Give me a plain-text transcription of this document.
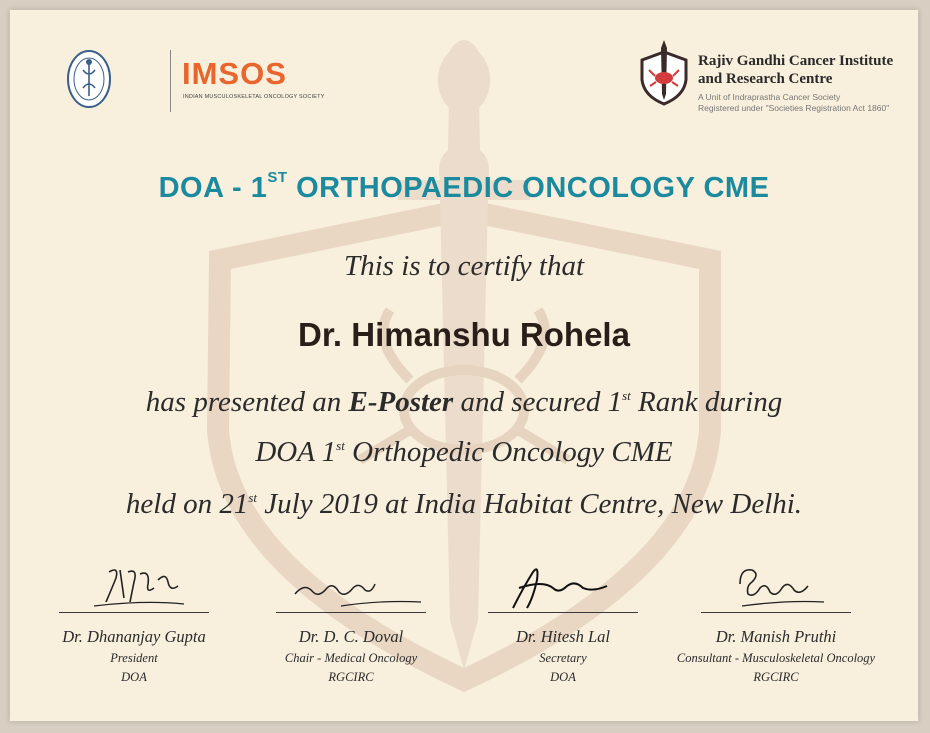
IMSOS
INDIAN MUSCULOSKELETAL ONCOLOGY SOCIETY
Rajiv Gandhi Cancer Institute
and Research Centre
A Unit of Indraprastha Cancer Society
Registered under "Societies Registration Act 1860"
DOA - 1ST ORTHOPAEDIC ONCOLOGY CME
This is to certify that
Dr. Himanshu Rohela
has presented an E-Poster and secured 1st Rank during
DOA 1st Orthopedic Oncology CME
held on 21st July 2019 at India Habitat Centre, New Delhi.
Dr. Dhananjay Gupta
President
DOA
Dr. D. C. Doval
Chair - Medical Oncology
RGCIRC
Dr. Hitesh Lal
Secretary
DOA
Dr. Manish Pruthi
Consultant - Musculoskeletal Oncology
RGCIRC
